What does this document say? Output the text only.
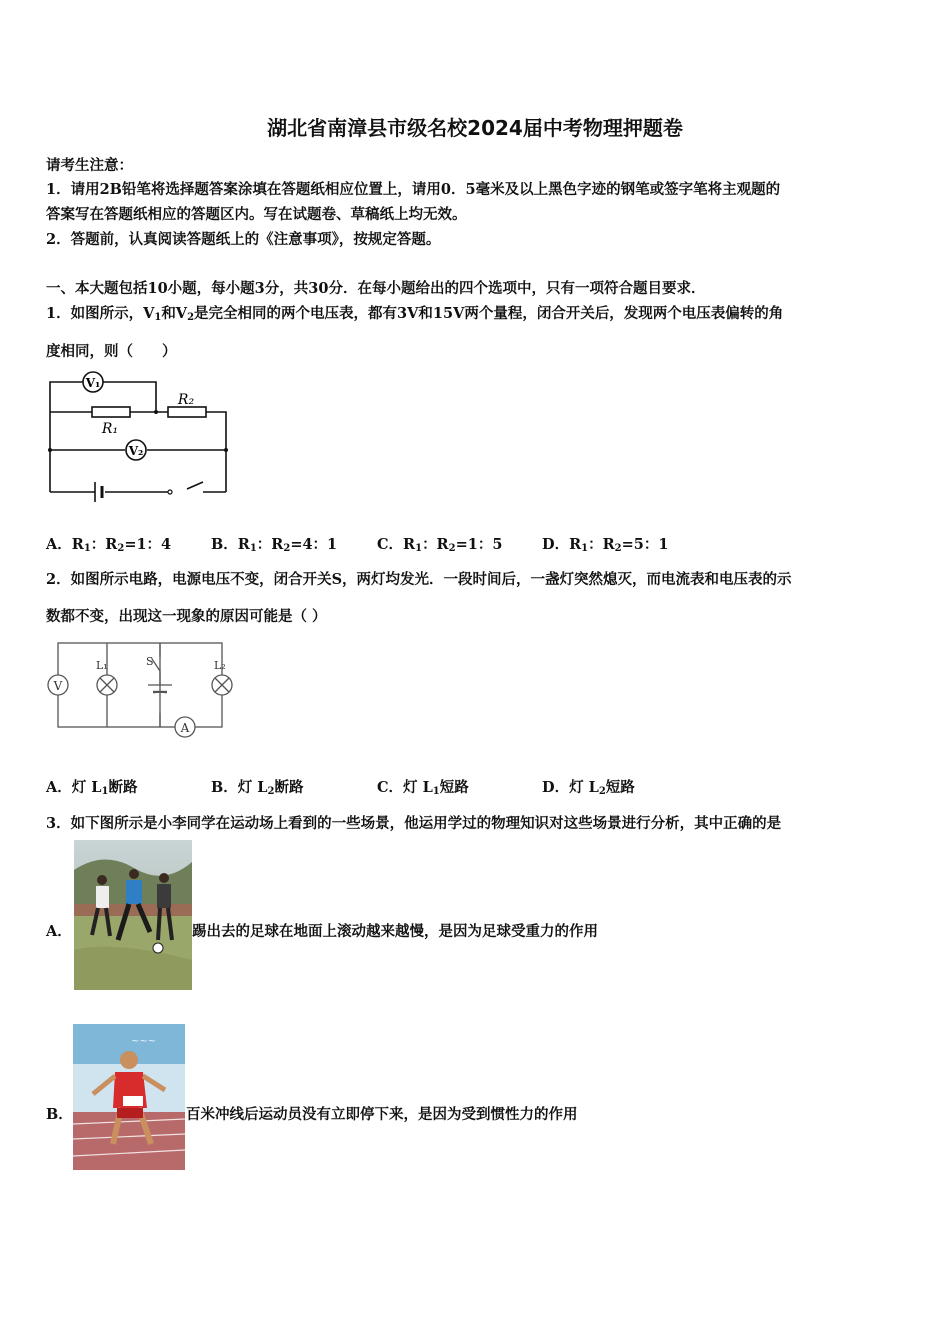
湖北省南漳县市级名校2024届中考物理押题卷
请考生注意：
1．请用2B铅笔将选择题答案涂填在答题纸相应位置上，请用0．5毫米及以上黑色字迹的钢笔或签字笔将主观题的
答案写在答题纸相应的答题区内。写在试题卷、草稿纸上均无效。
2．答题前，认真阅读答题纸上的《注意事项》，按规定答题。
一、本大题包括10小题，每小题3分，共30分．在每小题给出的四个选项中，只有一项符合题目要求．
1．如图所示，$V_1$和$V_2$是完全相同的两个电压表，都有3V和15V两个量程，闭合开关后，发现两个电压表偏转的角
度相同，则（　　）
V₁
V₂
R₁
R₂
A．$R_1$：$R_2=1$：4	B．$R_1$：$R_2=4$：1	C．$R_1$：$R_2=1$：5	D．$R_1$：$R_2=5$：1
2．如图所示电路，电源电压不变，闭合开关S，两灯均发光．一段时间后，一盏灯突然熄灭，而电流表和电压表的示
数都不变，出现这一现象的原因可能是（ ）
V
A
L₁	L₂
S
A．灯 $L_1$断路	B．灯 $L_2$断路	C．灯 $L_1$短路	D．灯 $L_2$短路
3．如下图所示是小李同学在运动场上看到的一些场景，他运用学过的物理知识对这些场景进行分析，其中正确的是
A．	踢出去的足球在地面上滚动越来越慢，是因为足球受重力的作用
B．
~~~
百米冲线后运动员没有立即停下来，是因为受到惯性力的作用
